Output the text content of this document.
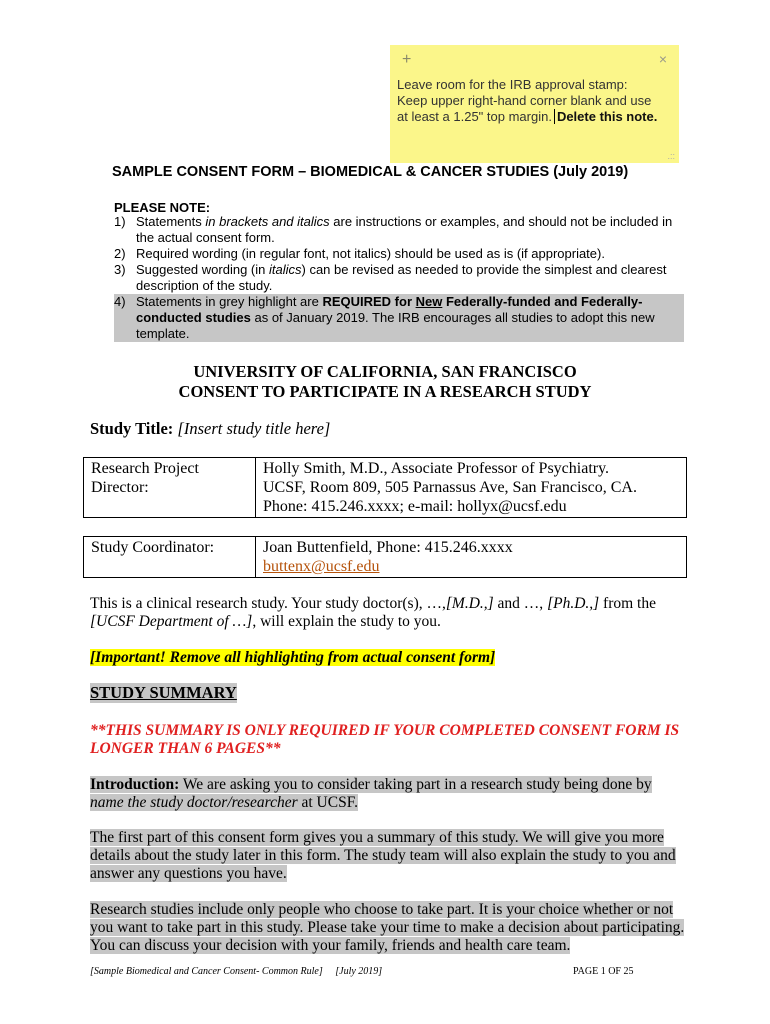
+	×
Leave room for the IRB approval stamp:
Keep upper right-hand corner blank and use
at least a 1.25" top margin. Delete this note.
.::
SAMPLE CONSENT FORM – BIOMEDICAL & CANCER STUDIES (July 2019)
PLEASE NOTE:
1) Statements in brackets and italics are instructions or examples, and should not be included in the actual consent form.
2) Required wording (in regular font, not italics) should be used as is (if appropriate).
3) Suggested wording (in italics) can be revised as needed to provide the simplest and clearest description of the study.
4) Statements in grey highlight are REQUIRED for New Federally-funded and Federally-conducted studies as of January 2019. The IRB encourages all studies to adopt this new template.
UNIVERSITY OF CALIFORNIA, SAN FRANCISCO
CONSENT TO PARTICIPATE IN A RESEARCH STUDY
Study Title: [Insert study title here]
Research Project Director:	
Holly Smith, M.D., Associate Professor of Psychiatry.
UCSF, Room 809, 505 Parnassus Ave, San Francisco, CA.
Phone: 415.246.xxxx; e-mail: hollyx@ucsf.edu
Study Coordinator:	Joan Buttenfield, Phone: 415.246.xxxx
buttenx@ucsf.edu
This is a clinical research study. Your study doctor(s), …,[M.D.,] and …, [Ph.D.,] from the [UCSF Department of …], will explain the study to you.
[Important! Remove all highlighting from actual consent form]
STUDY SUMMARY
**THIS SUMMARY IS ONLY REQUIRED IF YOUR COMPLETED CONSENT FORM IS LONGER THAN 6 PAGES**
Introduction: We are asking you to consider taking part in a research study being done by name the study doctor/researcher at UCSF.
The first part of this consent form gives you a summary of this study. We will give you more details about the study later in this form. The study team will also explain the study to you and answer any questions you have.
Research studies include only people who choose to take part. It is your choice whether or not you want to take part in this study. Please take your time to make a decision about participating. You can discuss your decision with your family, friends and health care team.
[Sample Biomedical and Cancer Consent- Common Rule] [July 2019]	PAGE 1 OF 25
